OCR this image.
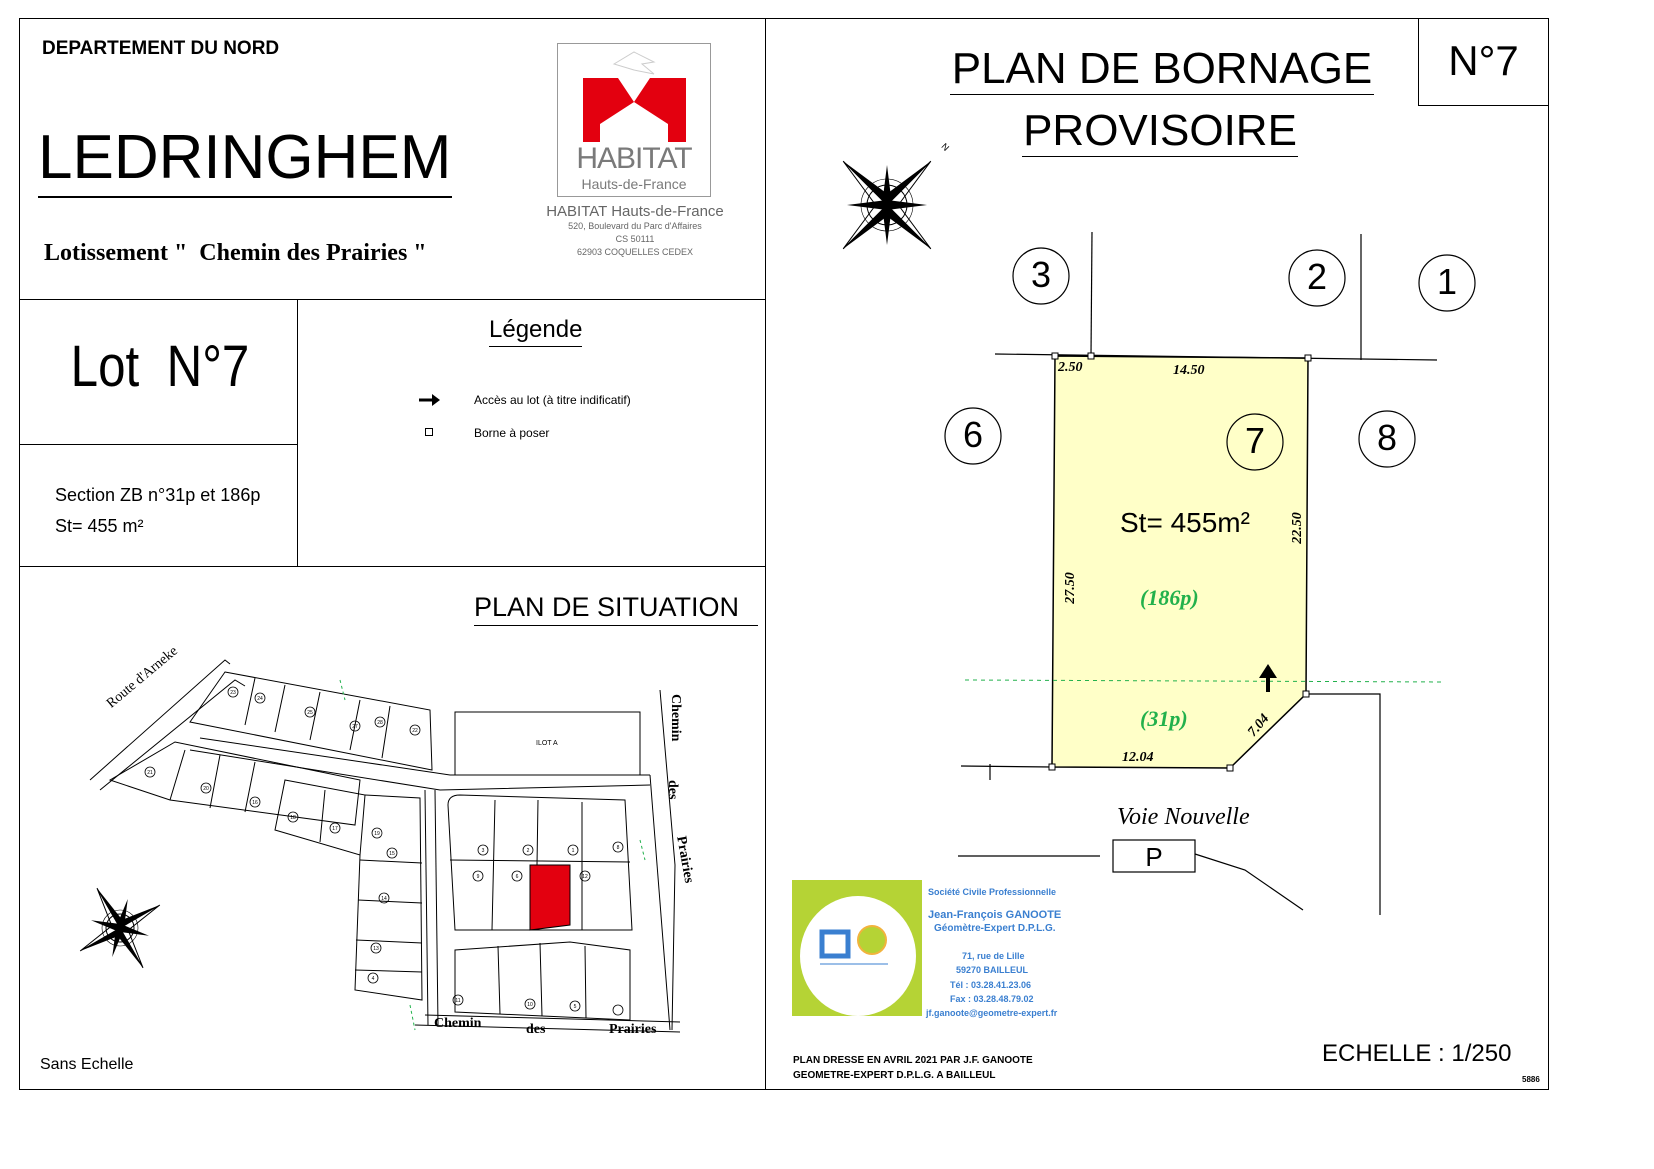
DEPARTEMENT DU NORD
LEDRINGHEM
Lotissement "  Chemin des Prairies "
HABITAT
Hauts-de-France
HABITAT Hauts-de-France
520, Boulevard du Parc d'Affaires
CS 50111
62903 COQUELLES CEDEX
Lot  N°7
Section ZB n°31p et 186p
St= 455 m²
Légende
Accès au lot (à titre indificatif)
Borne à poser
PLAN DE SITUATION
Sans Echelle
23
24
25
27
28
22
21
20
16
18
17
19
15
14
13
4
3	2	1	8
9	6	12
11
10	5
Route d'Arneke
ILOT A
Chemin
des
Prairies
Chemin	des	Prairies
PLAN DE BORNAGE
PROVISOIRE
N°7
N
3	2	1
6	7	8
2.50	14.50
27.50
22.50
12.04
7.04
St= 455m²
(186p)
(31p)
Voie Nouvelle
P
Société Civile Professionnelle
Jean-François GANOOTE
Géomètre-Expert D.P.L.G.
71, rue de Lille
59270 BAILLEUL
Tél : 03.28.41.23.06
Fax : 03.28.48.79.02
jf.ganoote@geometre-expert.fr
PLAN DRESSE EN AVRIL 2021 PAR J.F. GANOOTE
GEOMETRE-EXPERT D.P.L.G. A BAILLEUL
ECHELLE : 1/250
5886
